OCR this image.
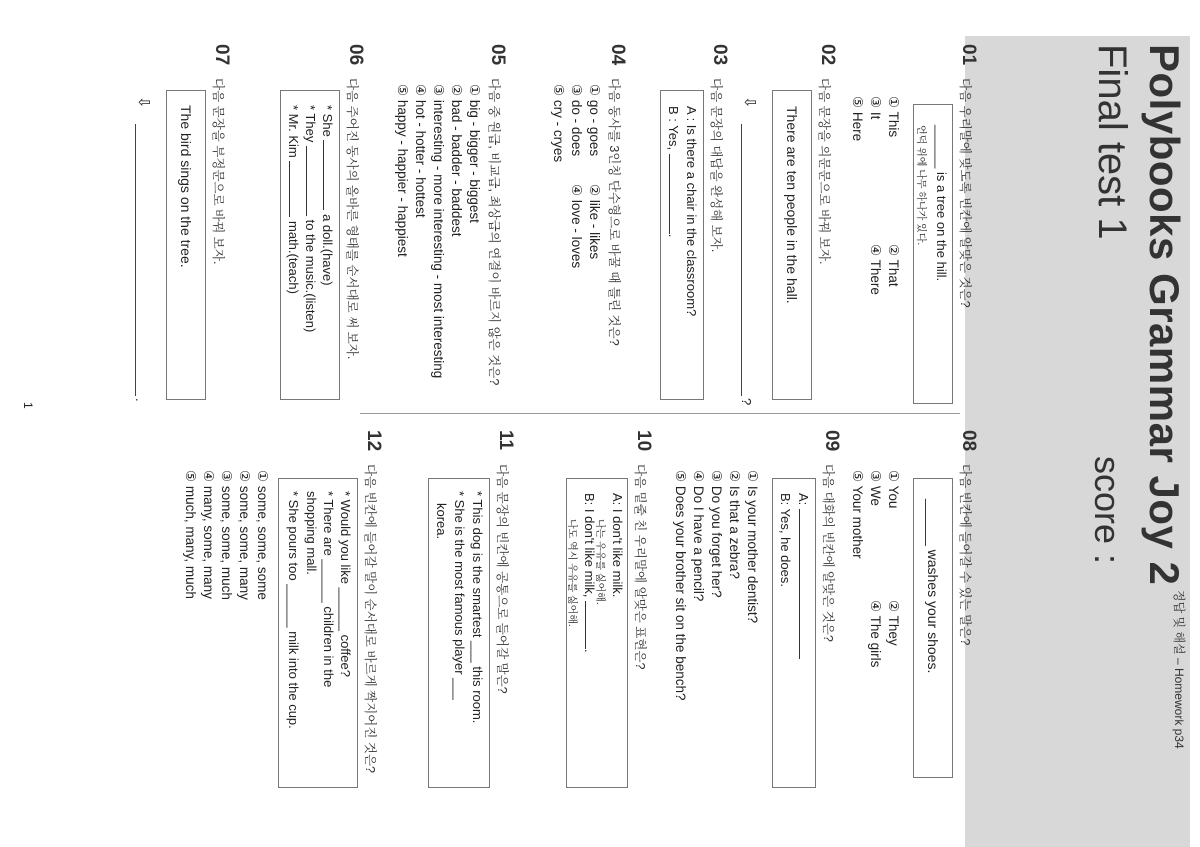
Polybooks Grammar Joy 2
Final test 1
score :
정답 및 해설 – Homework p34
1
01
다음 우리말에 맞도록 빈칸에 알맞은 것은?
______ is a tree on the hill.
언덕 위에 나무 하나가 있다.
① This
② That
③ It
④ There
⑤ Here
02
다음 문장을 의문문으로 바꿔 보자.
There are ten people in the hall.
⇩
?
03
다음 문장의 대답을 완성해 보자.
A : Is there a chair in the classroom?
B : Yes, .
04
다음 동사를 3인칭 단수형으로 바꿀 때 틀린 것은?
① go - goes
② like - likes
③ do - does
④ love - loves
⑤ cry - cryes
05
다음 중 원급, 비교급, 최상급의 연결이 바르지 않은 것은?
① big - bigger - biggest
② bad - badder - baddest
③ interesting - more interesting - most interesting
④ hot - hotter - hottest
⑤ happy - happier - happiest
06
다음 주어진 동사의 올바른 형태를 순서대로 써 보자.
* She  a doll.(have)
* They  to the music.(listen)
* Mr. Kim  math.(teach)
07
다음 문장을 부정문으로 바꿔 보자.
The bird sings on the tree.
⇩
.
08
다음 빈칸에 들어갈 수 있는 말은?
______ washes your shoes.
① You
② They
③ We
④ The girls
⑤ Your mother
09
다음 대화의 빈칸에 알맞은 것은?
A:
B: Yes, he does.
① Is your mother dentist?
② Is that a zebra?
③ Do you forget her?
④ Do I have a pencil?
⑤ Does your brother sit on the bench?
10
다음 밑줄 친 우리말에 알맞은 표현은?
A: I don't like milk.
나는 우유를 싫어해.
B: I don't like milk, .
나도 역시 우유를 싫어해.
11
다음 문장의 빈칸에 공통으로 들어갈 말은?
* This dog is the smartest ___ this room.
* She is the most famous player ___
korea.
12
다음 빈칸에 들어갈 말이 순서대로 바르게 짝지어진 것은?
* Would you like ______ coffee?
* There are ______ children in the
shopping mall.
* She pours too ______ milk into the cup.
① some, some, some
② some, some, many
③ some, some, much
④ many, some, many
⑤ much, many, much
